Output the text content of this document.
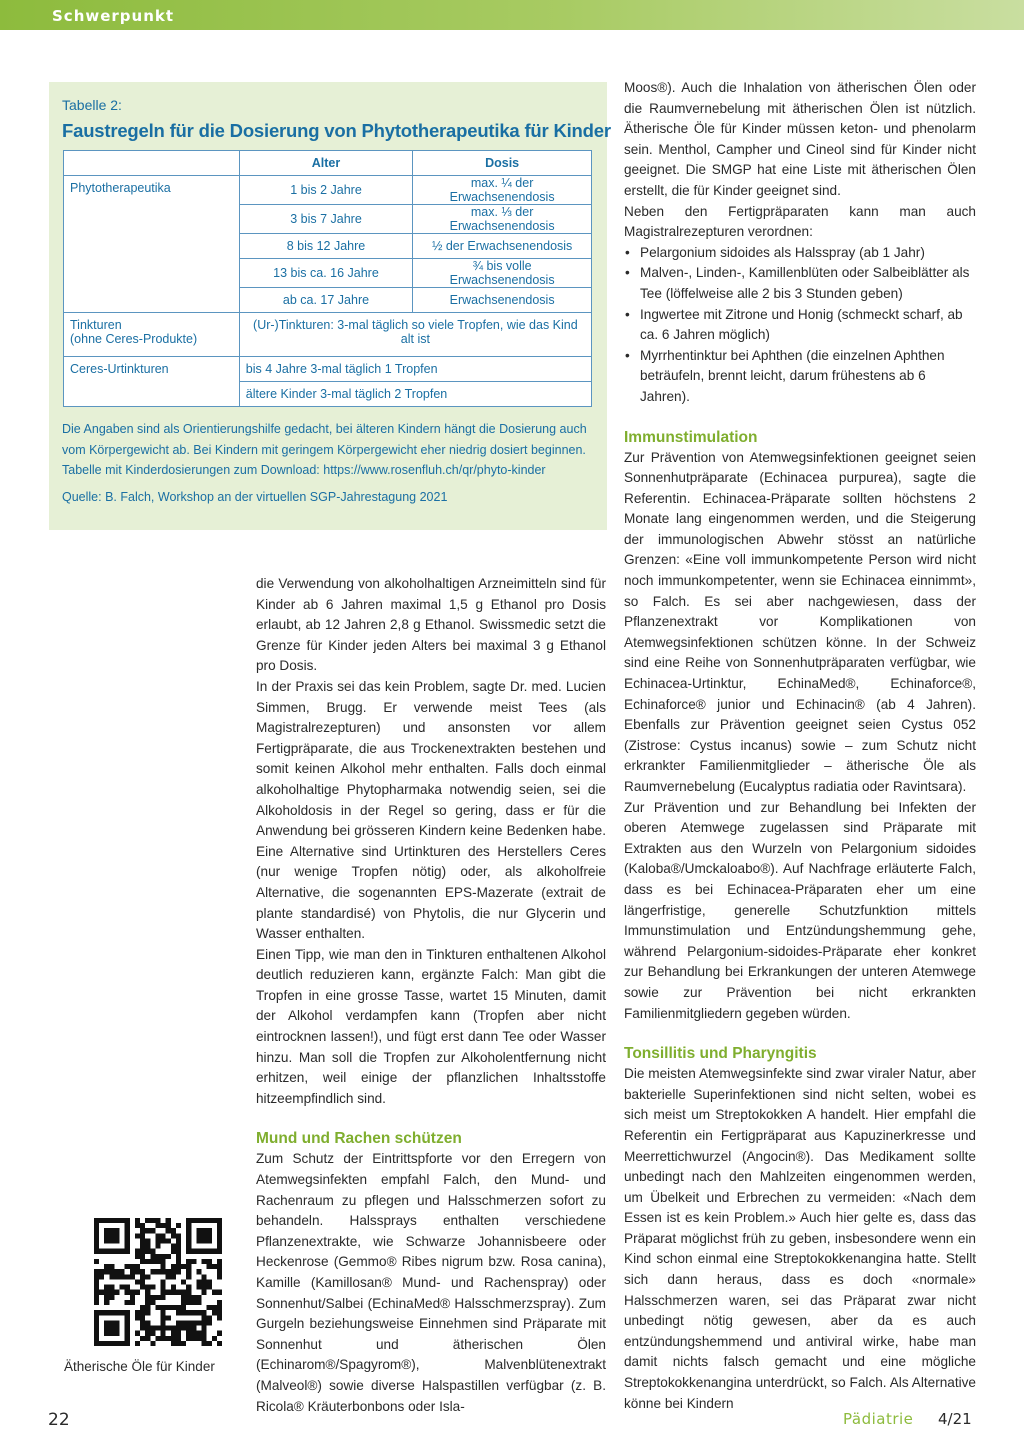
Schwerpunkt
Tabelle 2:
Faustregeln für die Dosierung von Phytotherapeutika für Kinder
	Alter	Dosis
Phytotherapeutika	1 bis 2 Jahre	max. ¼ der Erwachsenendosis
	3 bis 7 Jahre	max. ⅓ der Erwachsenendosis
	8 bis 12 Jahre	½ der Erwachsenendosis
	13 bis ca. 16 Jahre	¾ bis volle Erwachsenendosis
	ab ca. 17 Jahre	Erwachsenendosis
Tinkturen
(ohne Ceres-Produkte)	(Ur-)Tinkturen: 3-mal täglich so viele Tropfen, wie das Kind alt ist	
Ceres-Urtinkturen	bis 4 Jahre 3-mal täglich 1 Tropfen	
	ältere Kinder 3-mal täglich 2 Tropfen	
Die Angaben sind als Orientierungshilfe gedacht, bei älteren Kindern hängt die Dosierung auch vom Körpergewicht ab. Bei Kindern mit geringem Körpergewicht eher niedrig dosiert beginnen. Tabelle mit Kinderdosierungen zum Download: https://www.rosenfluh.ch/qr/phyto-kinder
Quelle: B. Falch, Workshop an der virtuellen SGP-Jahrestagung 2021

die Verwendung von alkoholhaltigen Arzneimitteln sind für Kinder ab 6 Jahren maximal 1,5 g Ethanol pro Dosis erlaubt, ab 12 Jahren 2,8 g Ethanol. Swissmedic setzt die Grenze für Kinder jeden Alters bei maximal 3 g Ethanol pro Dosis.

In der Praxis sei das kein Problem, sagte Dr. med. Lucien Simmen, Brugg. Er verwende meist Tees (als Magistralrezepturen) und ansonsten vor allem Fertigpräparate, die aus Trockenextrakten bestehen und somit keinen Alkohol mehr enthalten. Falls doch einmal alkoholhaltige Phytopharmaka notwendig seien, sei die Alkoholdosis in der Regel so gering, dass er für die Anwendung bei grösseren Kindern keine Bedenken habe. Eine Alternative sind Urtinkturen des Herstellers Ceres (nur wenige Tropfen nötig) oder, als alkoholfreie Alternative, die sogenannten EPS-Mazerate (extrait de plante standardisé) von Phytolis, die nur Glycerin und Wasser enthalten.

Einen Tipp, wie man den in Tinkturen enthaltenen Alkohol deutlich reduzieren kann, ergänzte Falch: Man gibt die Tropfen in eine grosse Tasse, wartet 15 Minuten, damit der Alkohol verdampfen kann (Tropfen aber nicht eintrocknen lassen!), und fügt erst dann Tee oder Wasser hinzu. Man soll die Tropfen zur Alkoholentfernung nicht erhitzen, weil einige der pflanzlichen Inhaltsstoffe hitzeempfindlich sind.

Mund und Rachen schützen

Zum Schutz der Eintrittspforte vor den Erregern von Atemwegsinfekten empfahl Falch, den Mund- und Rachenraum zu pflegen und Halsschmerzen sofort zu behandeln. Halssprays enthalten verschiedene Pflanzenextrakte, wie Schwarze Johannisbeere oder Heckenrose (Gemmo® Ribes nigrum bzw. Rosa canina), Kamille (Kamillosan® Mund- und Rachenspray) oder Sonnenhut/Salbei (EchinaMed® Halsschmerzspray). Zum Gurgeln beziehungsweise Einnehmen sind Präparate mit Sonnenhut und ätherischen Ölen (Echinarom®/Spagyrom®), Malvenblütenextrakt (Malveol®) sowie diverse Halspastillen verfügbar (z. B. Ricola® Kräuterbonbons oder Isla-

Moos®). Auch die Inhalation von ätherischen Ölen oder die Raumvernebelung mit ätherischen Ölen ist nützlich. Ätherische Öle für Kinder müssen keton- und phenolarm sein. Menthol, Campher und Cineol sind für Kinder nicht geeignet. Die SMGP hat eine Liste mit ätherischen Ölen erstellt, die für Kinder geeignet sind.

Neben den Fertigpräparaten kann man auch Magistralrezepturen verordnen:

• Pelargonium sidoides als Halsspray (ab 1 Jahr)
• Malven-, Linden-, Kamillenblüten oder Salbeiblätter als Tee (löffelweise alle 2 bis 3 Stunden geben)
• Ingwertee mit Zitrone und Honig (schmeckt scharf, ab ca. 6 Jahren möglich)
• Myrrhentinktur bei Aphthen (die einzelnen Aphthen beträufeln, brennt leicht, darum frühestens ab 6 Jahren).
Immunstimulation

Zur Prävention von Atemwegsinfektionen geeignet seien Sonnenhutpräparate (Echinacea purpurea), sagte die Referentin. Echinacea-Präparate sollten höchstens 2 Monate lang eingenommen werden, und die Steigerung der immunologischen Abwehr stösst an natürliche Grenzen: «Eine voll immunkompetente Person wird nicht noch immunkompetenter, wenn sie Echinacea einnimmt», so Falch. Es sei aber nachgewiesen, dass der Pflanzenextrakt vor Komplikationen von Atemwegsinfektionen schützen könne. In der Schweiz sind eine Reihe von Sonnenhutpräparaten verfügbar, wie Echinacea-Urtinktur, EchinaMed®, Echinaforce®, Echinaforce® junior und Echinacin® (ab 4 Jahren). Ebenfalls zur Prävention geeignet seien Cystus 052 (Zistrose: Cystus incanus) sowie – zum Schutz nicht erkrankter Familienmitglieder – ätherische Öle als Raumvernebelung (Eucalyptus radiatia oder Ravintsara).

Zur Prävention und zur Behandlung bei Infekten der oberen Atemwege zugelassen sind Präparate mit Extrakten aus den Wurzeln von Pelargonium sidoides (Kaloba®/Umckaloabo®). Auf Nachfrage erläuterte Falch, dass es bei Echinacea-Präparaten eher um eine längerfristige, generelle Schutzfunktion mittels Immunstimulation und Entzündungshemmung gehe, während Pelargonium-sidoides-Präparate eher konkret zur Behandlung bei Erkrankungen der unteren Atemwege sowie zur Prävention bei nicht erkrankten Familienmitgliedern gegeben würden.

Tonsillitis und Pharyngitis

Die meisten Atemwegsinfekte sind zwar viraler Natur, aber bakterielle Superinfektionen sind nicht selten, wobei es sich meist um Streptokokken A handelt. Hier empfahl die Referentin ein Fertigpräparat aus Kapuzinerkresse und Meerrettichwurzel (Angocin®). Das Medikament sollte unbedingt nach den Mahlzeiten eingenommen werden, um Übelkeit und Erbrechen zu vermeiden: «Nach dem Essen ist es kein Problem.» Auch hier gelte es, dass das Präparat möglichst früh zu geben, insbesondere wenn ein Kind schon einmal eine Streptokokkenangina hatte. Stellt sich dann heraus, dass es doch «normale» Halsschmerzen waren, sei das Präparat zwar nicht unbedingt nötig gewesen, aber da es auch entzündungshemmend und antiviral wirke, habe man damit nichts falsch gemacht und eine mögliche Streptokokkenangina unterdrückt, so Falch. Als Alternative könne bei Kindern

Ätherische Öle für Kinder
22	Pädiatrie 4/21
